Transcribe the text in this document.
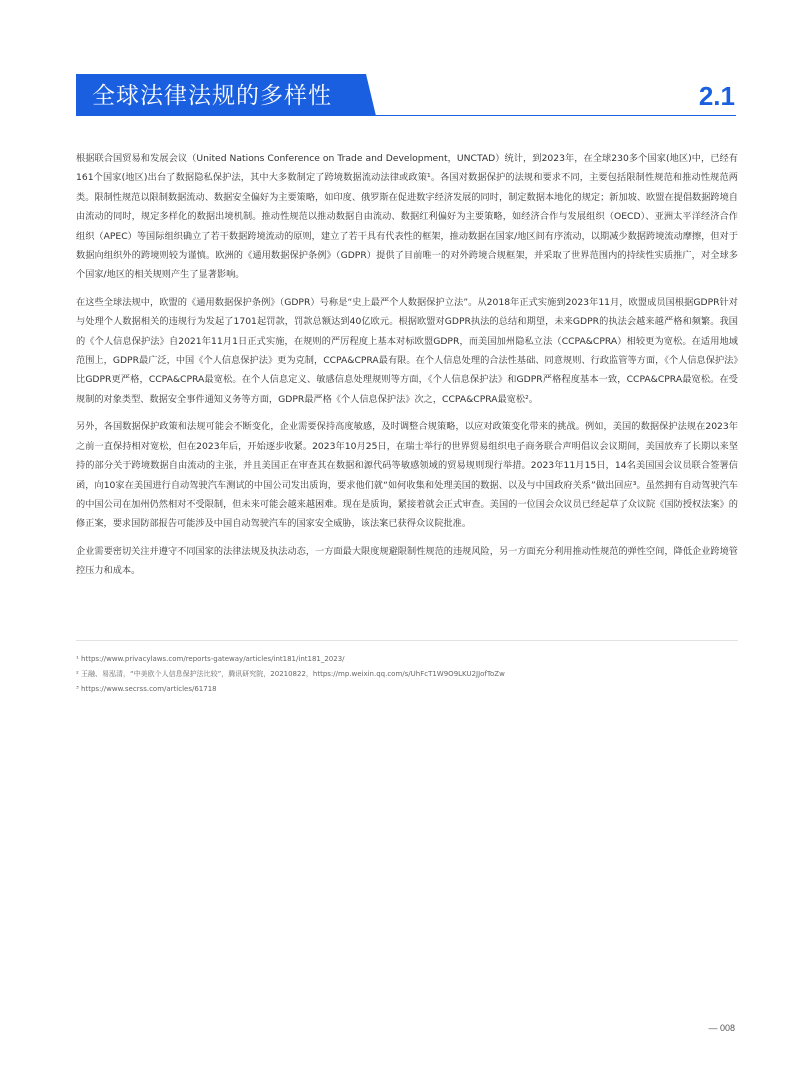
全球法律法规的多样性	2.1

根据联合国贸易和发展会议（United Nations Conference on Trade and Development，UNCTAD）统计，到2023年，在全球230多个国家(地区)中，已经有161个国家(地区)出台了数据隐私保护法，其中大多数制定了跨境数据流动法律或政策¹。各国对数据保护的法规和要求不同，主要包括限制性规范和推动性规范两类。限制性规范以限制数据流动、数据安全偏好为主要策略，如印度、俄罗斯在促进数字经济发展的同时，制定数据本地化的规定；新加坡、欧盟在提倡数据跨境自由流动的同时，规定多样化的数据出境机制。推动性规范以推动数据自由流动、数据红利偏好为主要策略，如经济合作与发展组织（OECD）、亚洲太平洋经济合作组织（APEC）等国际组织确立了若干数据跨境流动的原则，建立了若干具有代表性的框架，推动数据在国家/地区间有序流动，以期减少数据跨境流动摩擦，但对于数据向组织外的跨境则较为谨慎。欧洲的《通用数据保护条例》（GDPR）提供了目前唯一的对外跨境合规框架，并采取了世界范围内的持续性实质推广，对全球多个国家/地区的相关规则产生了显著影响。

在这些全球法规中，欧盟的《通用数据保护条例》（GDPR）号称是“史上最严个人数据保护立法”。从2018年正式实施到2023年11月，欧盟成员国根据GDPR针对与处理个人数据相关的违规行为发起了1701起罚款，罚款总额达到40亿欧元。根据欧盟对GDPR执法的总结和期望，未来GDPR的执法会越来越严格和频繁。我国的《个人信息保护法》自2021年11月1日正式实施，在规则的严厉程度上基本对标欧盟GDPR，而美国加州隐私立法（CCPA&CPRA）相较更为宽松。在适用地域范围上，GDPR最广泛，中国《个人信息保护法》更为克制，CCPA&CPRA最有限。在个人信息处理的合法性基础、同意规则、行政监管等方面，《个人信息保护法》比GDPR更严格，CCPA&CPRA最宽松。在个人信息定义、敏感信息处理规则等方面，《个人信息保护法》和GDPR严格程度基本一致，CCPA&CPRA最宽松。在受规制的对象类型、数据安全事件通知义务等方面，GDPR最严格《个人信息保护法》次之，CCPA&CPRA最宽松²。

另外，各国数据保护政策和法规可能会不断变化，企业需要保持高度敏感，及时调整合规策略，以应对政策变化带来的挑战。例如，美国的数据保护法规在2023年之前一直保持相对宽松，但在2023年后，开始逐步收紧。2023年10月25日，在瑞士举行的世界贸易组织电子商务联合声明倡议会议期间，美国放弃了长期以来坚持的部分关于跨境数据自由流动的主张，并且美国正在审查其在数据和源代码等敏感领域的贸易规则现行举措。2023年11月15日，14名美国国会议员联合签署信函，向10家在美国进行自动驾驶汽车测试的中国公司发出质询，要求他们就“如何收集和处理美国的数据、以及与中国政府关系”做出回应³。虽然拥有自动驾驶汽车的中国公司在加州仍然相对不受限制，但未来可能会越来越困难。现在是质询，紧接着就会正式审查。美国的一位国会众议员已经起草了众议院《国防授权法案》的修正案，要求国防部报告可能涉及中国自动驾驶汽车的国家安全威胁，该法案已获得众议院批准。

企业需要密切关注并遵守不同国家的法律法规及执法动态，一方面最大限度规避限制性规范的违规风险，另一方面充分利用推动性规范的弹性空间，降低企业跨境管控压力和成本。

¹ https://www.privacylaws.com/reports-gateway/articles/int181/int181_2023/
² 王融、易泓清，“中美欧个人信息保护法比较”，腾讯研究院，20210822，https://mp.weixin.qq.com/s/UhFcT1W9O9LKU2JJofToZw
³ https://www.secrss.com/articles/61718
— 008
